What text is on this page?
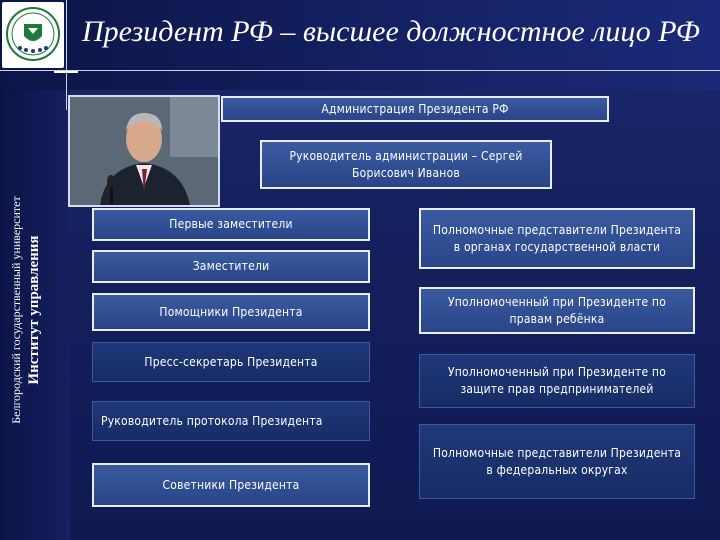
Президент РФ – высшее должностное лицо РФ
Белгородский государственный университет Институт управления
Администрация Президента РФ
Руководитель администрации – Сергей Борисович Иванов
Первые заместители
Заместители
Помощники Президента
Пресс-секретарь Президента
Руководитель протокола Президента
Советники Президента
Полномочные представители Президента в органах государственной власти
Уполномоченный при Президенте по правам ребёнка
Уполномоченный при Президенте по защите прав предпринимателей
Полномочные представители Президента в федеральных округах
